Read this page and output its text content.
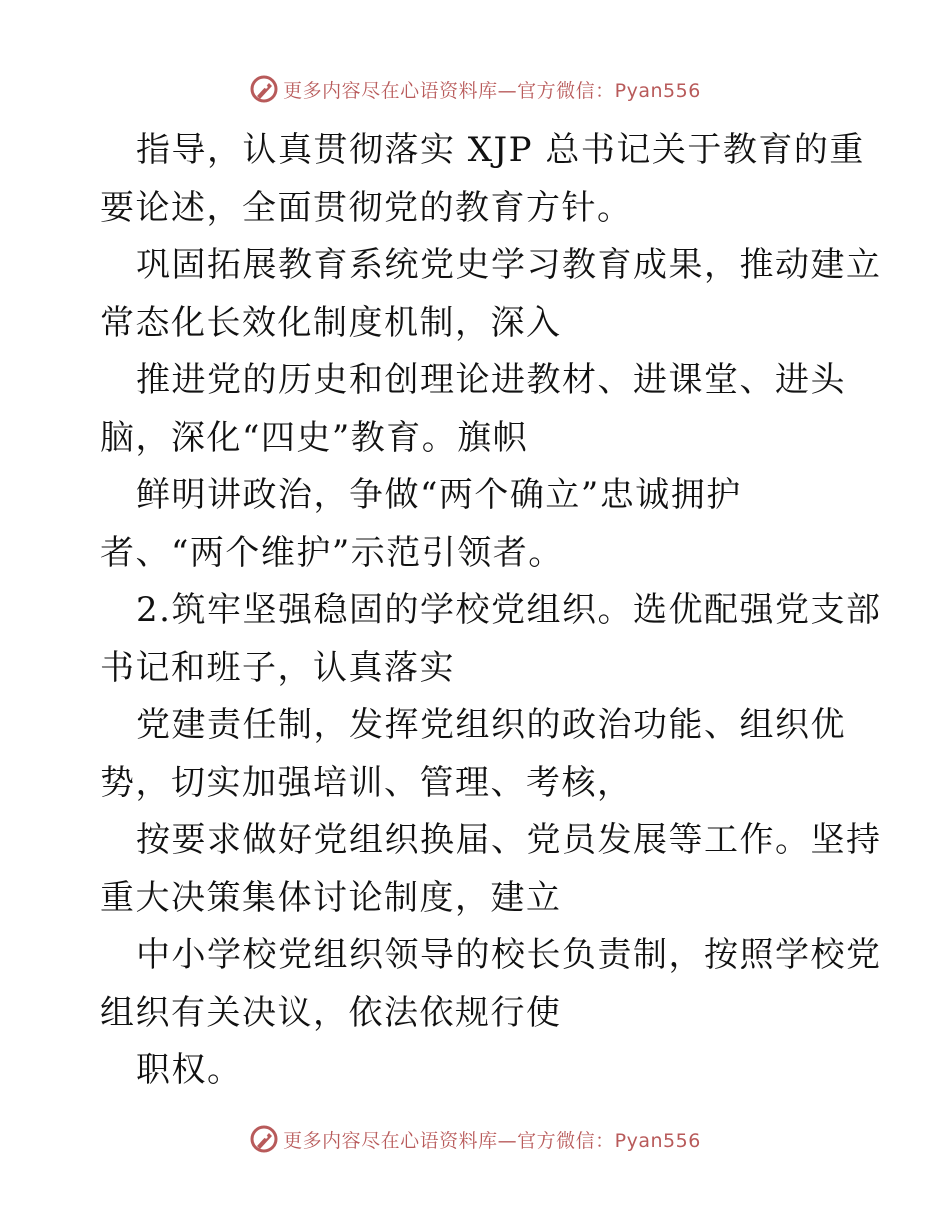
更多内容尽在心语资料库—官方微信：Pyan556
指导，认真贯彻落实 XJP 总书记关于教育的重
要论述，全面贯彻党的教育方针。
巩固拓展教育系统党史学习教育成果，推动建立
常态化长效化制度机制，深入
推进党的历史和创理论进教材、进课堂、进头
脑，深化“四史”教育。旗帜
鲜明讲政治，争做“两个确立”忠诚拥护
者、“两个维护”示范引领者。
2.筑牢坚强稳固的学校党组织。选优配强党支部
书记和班子，认真落实
党建责任制，发挥党组织的政治功能、组织优
势，切实加强培训、管理、考核，
按要求做好党组织换届、党员发展等工作。坚持
重大决策集体讨论制度，建立
中小学校党组织领导的校长负责制，按照学校党
组织有关决议，依法依规行使
职权。
更多内容尽在心语资料库—官方微信：Pyan556
